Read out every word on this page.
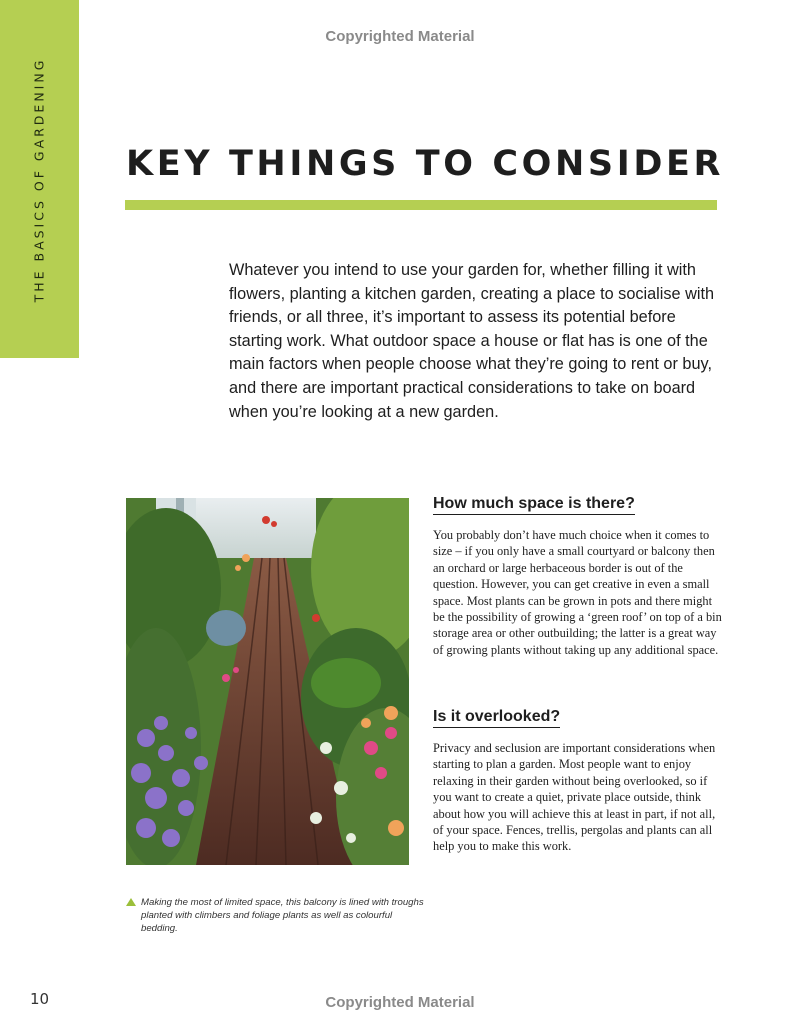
THE BASICS OF GARDENING
Copyrighted Material
KEY THINGS TO CONSIDER

Whatever you intend to use your garden for, whether filling it with flowers, planting a kitchen garden, creating a place to socialise with friends, or all three, it’s important to assess its potential before starting work. What outdoor space a house or flat has is one of the main factors when people choose what they’re going to rent or buy, and there are important practical considerations to take on board when you’re looking at a new garden.

Making the most of limited space, this balcony is lined with troughs planted with climbers and foliage plants as well as colourful bedding.

How much space is there?

You probably don’t have much choice when it comes to size – if you only have a small courtyard or balcony then an orchard or large herbaceous border is out of the question. However, you can get creative in even a small space. Most plants can be grown in pots and there might be the possibility of growing a ‘green roof’ on top of a bin storage area or other outbuilding; the latter is a great way of growing plants without taking up any additional space.

Is it overlooked?

Privacy and seclusion are important considerations when starting to plan a garden. Most people want to enjoy relaxing in their garden without being overlooked, so if you want to create a quiet, private place outside, think about how you will achieve this at least in part, if not all, of your space. Fences, trellis, pergolas and plants can all help you to make this work.

10	Copyrighted Material
